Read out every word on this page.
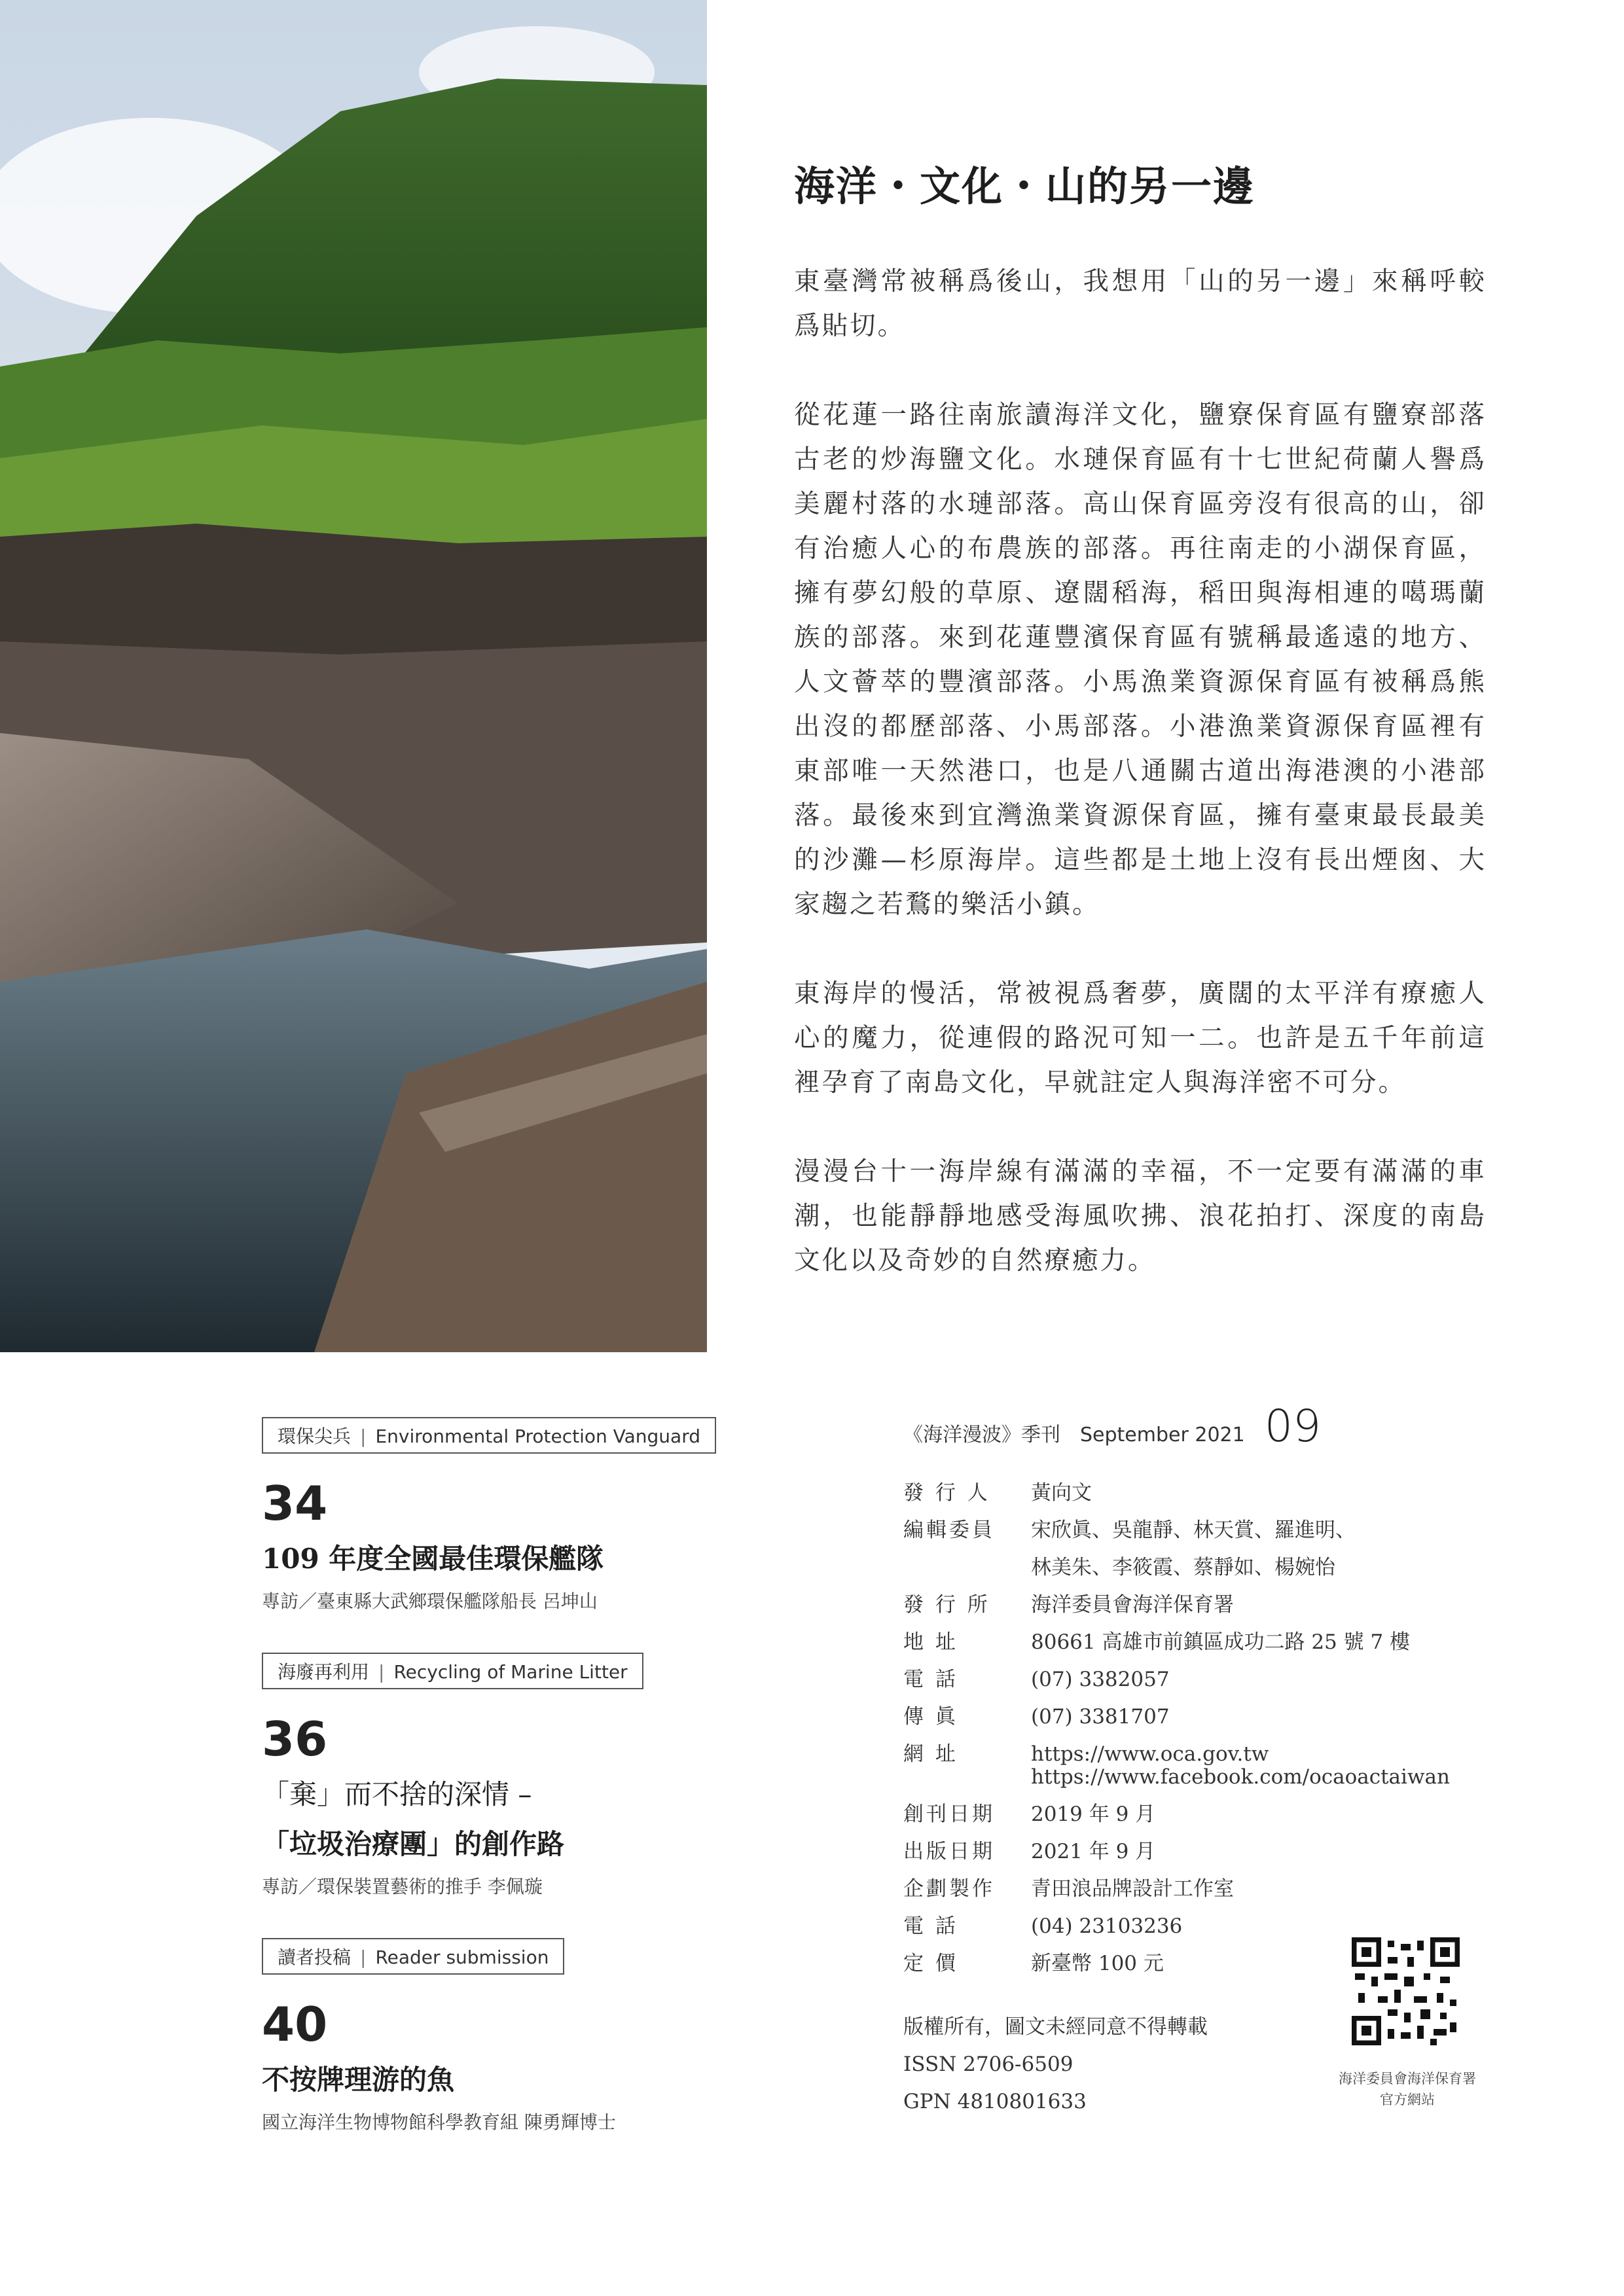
海洋・文化・山的另一邊

東臺灣常被稱爲後山，我想用「山的另一邊」來稱呼較爲貼切。

從花蓮一路往南旅讀海洋文化，鹽寮保育區有鹽寮部落古老的炒海鹽文化。水璉保育區有十七世紀荷蘭人譽爲美麗村落的水璉部落。高山保育區旁沒有很高的山，卻有治癒人心的布農族的部落。再往南走的小湖保育區，擁有夢幻般的草原、遼闊稻海，稻田與海相連的噶瑪蘭族的部落。來到花蓮豐濱保育區有號稱最遙遠的地方、人文薈萃的豐濱部落。小馬漁業資源保育區有被稱爲熊出沒的都歷部落、小馬部落。小港漁業資源保育區裡有東部唯一天然港口，也是八通關古道出海港澳的小港部落。最後來到宜灣漁業資源保育區，擁有臺東最長最美的沙灘—杉原海岸。這些都是土地上沒有長出煙囪、大家趨之若鶩的樂活小鎮。

東海岸的慢活，常被視爲奢夢，廣闊的太平洋有療癒人心的魔力，從連假的路況可知一二。也許是五千年前這裡孕育了南島文化，早就註定人與海洋密不可分。

漫漫台十一海岸線有滿滿的幸福，不一定要有滿滿的車潮，也能靜靜地感受海風吹拂、浪花拍打、深度的南島文化以及奇妙的自然療癒力。

環保尖兵 | Environmental Protection Vanguard
34
109 年度全國最佳環保艦隊
專訪／臺東縣大武鄉環保艦隊船長 呂坤山
海廢再利用 | Recycling of Marine Litter
36
「棄」而不捨的深情 –
「垃圾治療團」的創作路
專訪／環保裝置藝術的推手 李佩璇
讀者投稿 | Reader submission
40
不按牌理游的魚
國立海洋生物博物館科學教育組 陳勇輝博士
《海洋漫波》季刊 September 2021 09
發 行 人	黃向文
編輯委員	宋欣眞、吳龍靜、林天賞、羅進明、
林美朱、李筱霞、蔡靜如、楊婉怡
發 行 所	海洋委員會海洋保育署
地 址	80661 高雄市前鎮區成功二路 25 號 7 樓
電 話	(07) 3382057
傳 眞	(07) 3381707
網 址	https://www.oca.gov.tw
https://www.facebook.com/ocaoactaiwan
創刊日期	2019 年 9 月
出版日期	2021 年 9 月
企劃製作	青田浪品牌設計工作室
電 話	(04) 23103236
定 價	新臺幣 100 元
版權所有，圖文未經同意不得轉載
ISSN 2706-6509
GPN 4810801633
海洋委員會海洋保育署
官方網站
